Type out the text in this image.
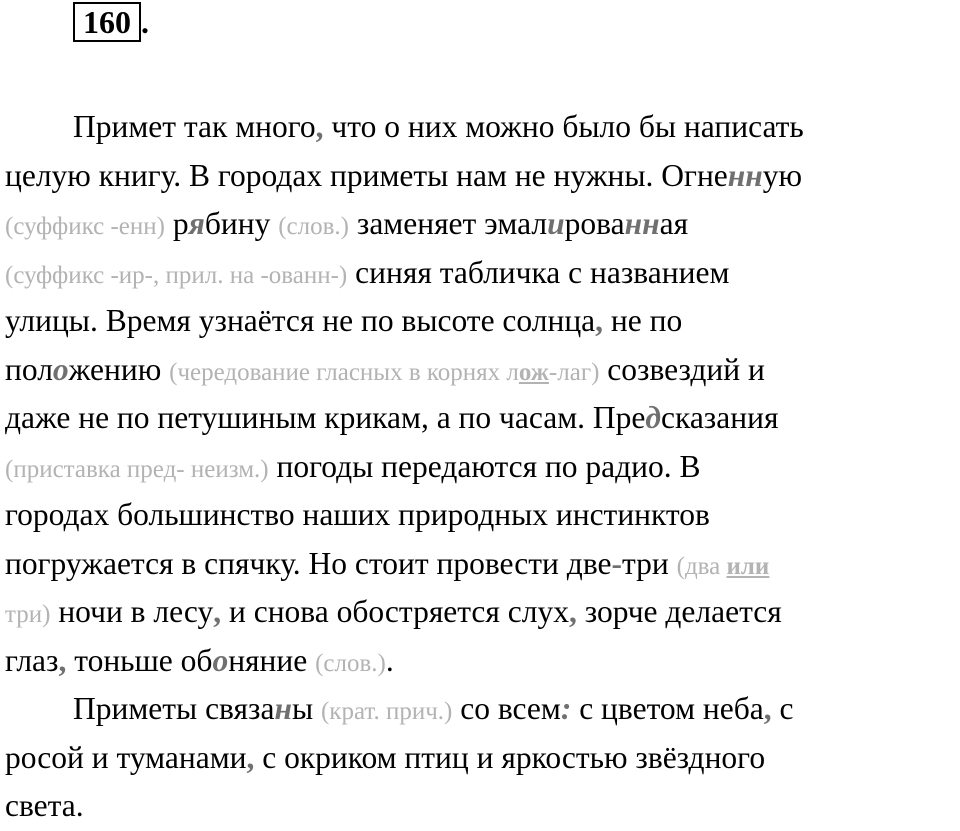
160 .
Примет так много, что о них можно было бы написать
целую книгу. В городах приметы нам не нужны. Огненную
(суффикс -енн) рябину (слов.) заменяет эмалированная
(суффикс -ир-, прил. на -ованн-) синяя табличка с названием
улицы. Время узнаётся не по высоте солнца, не по
положению (чередование гласных в корнях лож-лаг) созвездий и
даже не по петушиным крикам, а по часам. Предсказания
(приставка пред- неизм.) погоды передаются по радио. В
городах большинство наших природных инстинктов
погружается в спячку. Но стоит провести две-три (два или
три) ночи в лесу, и снова обостряется слух, зорче делается
глаз, тоньше обоняние (слов.).
Приметы связаны (крат. прич.) со всем: с цветом неба, с
росой и туманами, с окриком птиц и яркостью звёздного
света.
